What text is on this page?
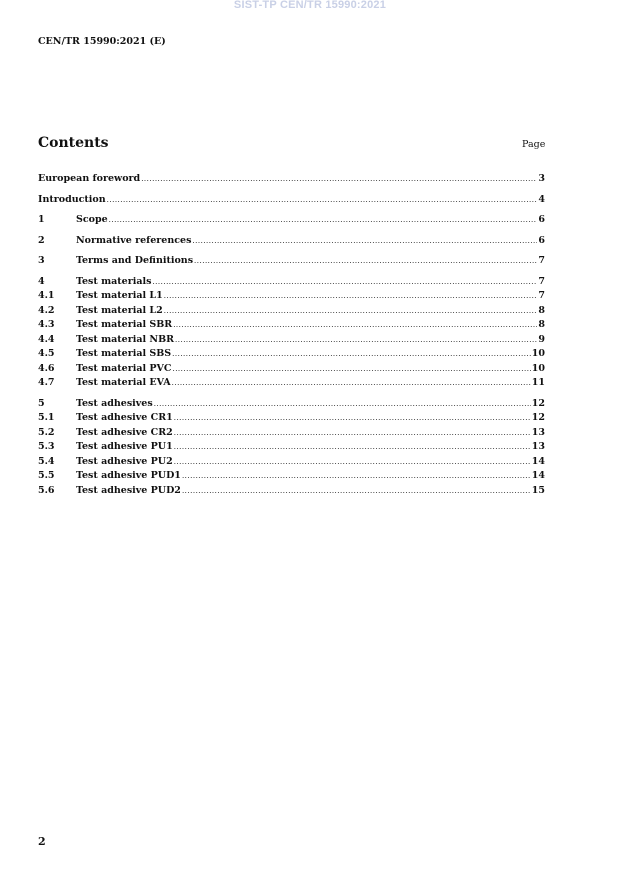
SIST-TP CEN/TR 15990:2021
CEN/TR 15990:2021 (E)
Contents	Page
European foreword .....	3
Introduction .....	4
1	Scope .....	6
2	Normative references .....	6
3	Terms and Definitions .....	7
4	Test materials .....	7
4.1	Test material L1 .....	7
4.2	Test material L2 .....	8
4.3	Test material SBR .....	8
4.4	Test material NBR .....	9
4.5	Test material SBS .....	10
4.6	Test material PVC .....	10
4.7	Test material EVA .....	11
5	Test adhesives .....	12
5.1	Test adhesive CR1 .....	12
5.2	Test adhesive CR2 .....	13
5.3	Test adhesive PU1 .....	13
5.4	Test adhesive PU2 .....	14
5.5	Test adhesive PUD1 .....	14
5.6	Test adhesive PUD2 .....	15
2
